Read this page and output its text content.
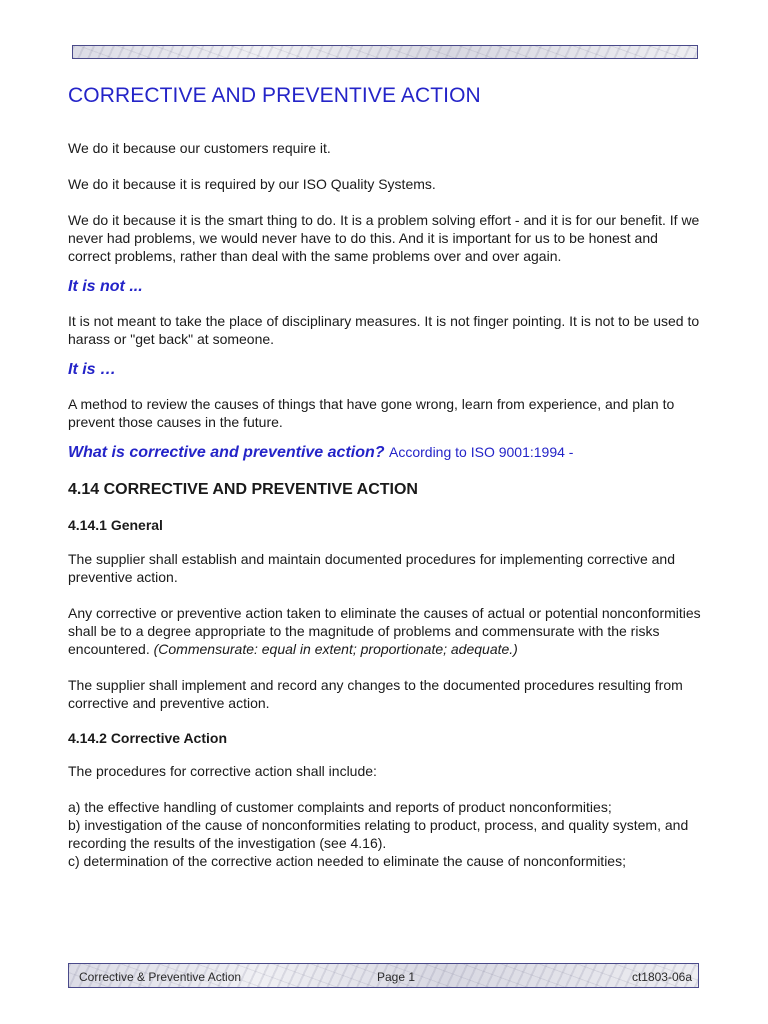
CORRECTIVE AND PREVENTIVE ACTION

We do it because our customers require it.

We do it because it is required by our ISO Quality Systems.

We do it because it is the smart thing to do. It is a problem solving effort - and it is for our benefit. If we never had problems, we would never have to do this. And it is important for us to be honest and correct problems, rather than deal with the same problems over and over again.

It is not ...

It is not meant to take the place of disciplinary measures. It is not finger pointing. It is not to be used to harass or "get back" at someone.

It is …

A method to review the causes of things that have gone wrong, learn from experience, and plan to prevent those causes in the future.

What is corrective and preventive action? According to ISO 9001:1994 -

4.14 CORRECTIVE AND PREVENTIVE ACTION
4.14.1 General

The supplier shall establish and maintain documented procedures for implementing corrective and preventive action.

Any corrective or preventive action taken to eliminate the causes of actual or potential nonconformities shall be to a degree appropriate to the magnitude of problems and commensurate with the risks encountered. (Commensurate: equal in extent; proportionate; adequate.)

The supplier shall implement and record any changes to the documented procedures resulting from corrective and preventive action.

4.14.2 Corrective Action

The procedures for corrective action shall include:

a) the effective handling of customer complaints and reports of product nonconformities;

b) investigation of the cause of nonconformities relating to product, process, and quality system, and recording the results of the investigation (see 4.16).

c) determination of the corrective action needed to eliminate the cause of nonconformities;

Corrective & Preventive Action	Page 1	ct1803-06a
